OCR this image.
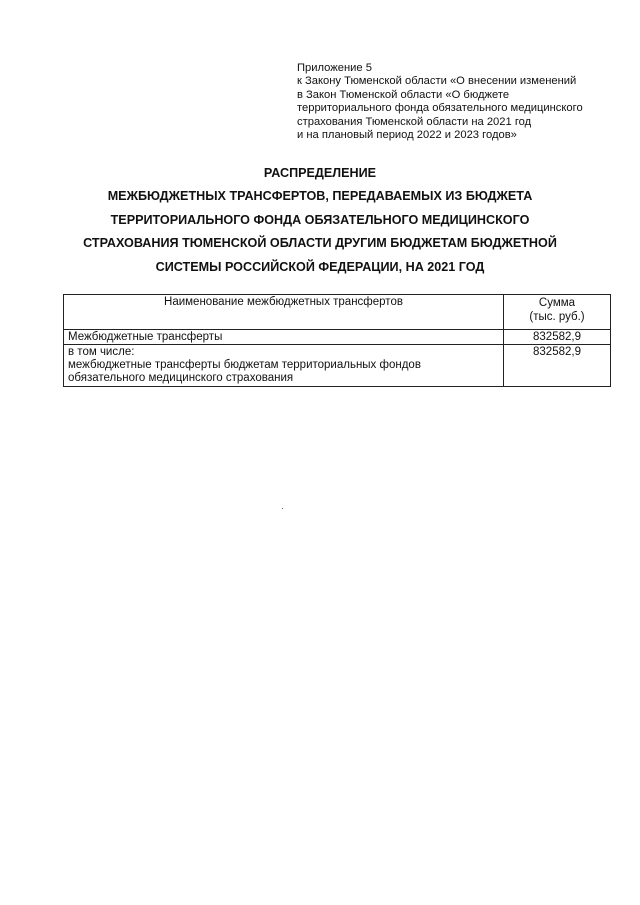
Приложение 5
к Закону Тюменской области «О внесении изменений
в Закон Тюменской области «О бюджете
территориального фонда обязательного медицинского
страхования Тюменской области на 2021 год
и на плановый период 2022 и 2023 годов»
РАСПРЕДЕЛЕНИЕ
МЕЖБЮДЖЕТНЫХ ТРАНСФЕРТОВ, ПЕРЕДАВАЕМЫХ ИЗ БЮДЖЕТА
ТЕРРИТОРИАЛЬНОГО ФОНДА ОБЯЗАТЕЛЬНОГО МЕДИЦИНСКОГО
СТРАХОВАНИЯ ТЮМЕНСКОЙ ОБЛАСТИ ДРУГИМ БЮДЖЕТАМ БЮДЖЕТНОЙ
СИСТЕМЫ РОССИЙСКОЙ ФЕДЕРАЦИИ, НА 2021 ГОД
Наименование межбюджетных трансфертов	Сумма
(тыс. руб.)

Межбюджетные трансферты	832582,9

в том числе:
межбюджетные трансферты бюджетам территориальных фондов
обязательного медицинского страхования	832582,9
